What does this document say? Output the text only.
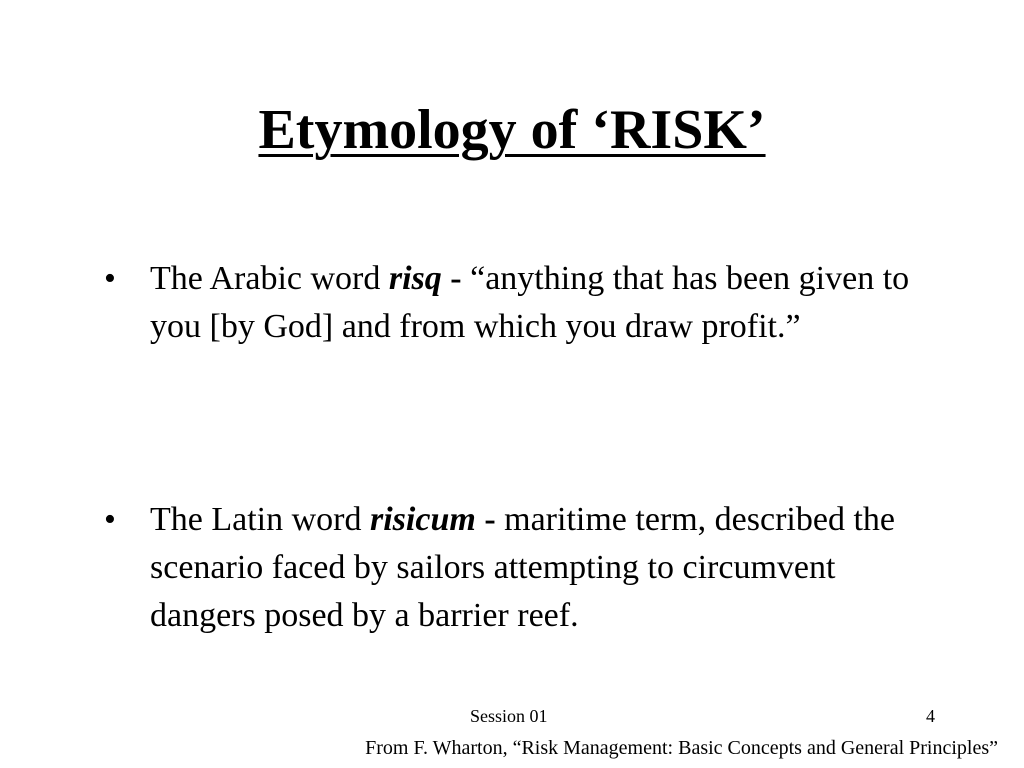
Etymology of ‘RISK’
• The Arabic word risq - “anything that has been given to you [by God] and from which you draw profit.”
• The Latin word risicum - maritime term, described the scenario faced by sailors attempting to circumvent dangers posed by a barrier reef.
Session 01	4
From F. Wharton, “Risk Management: Basic Concepts and General Principles”
